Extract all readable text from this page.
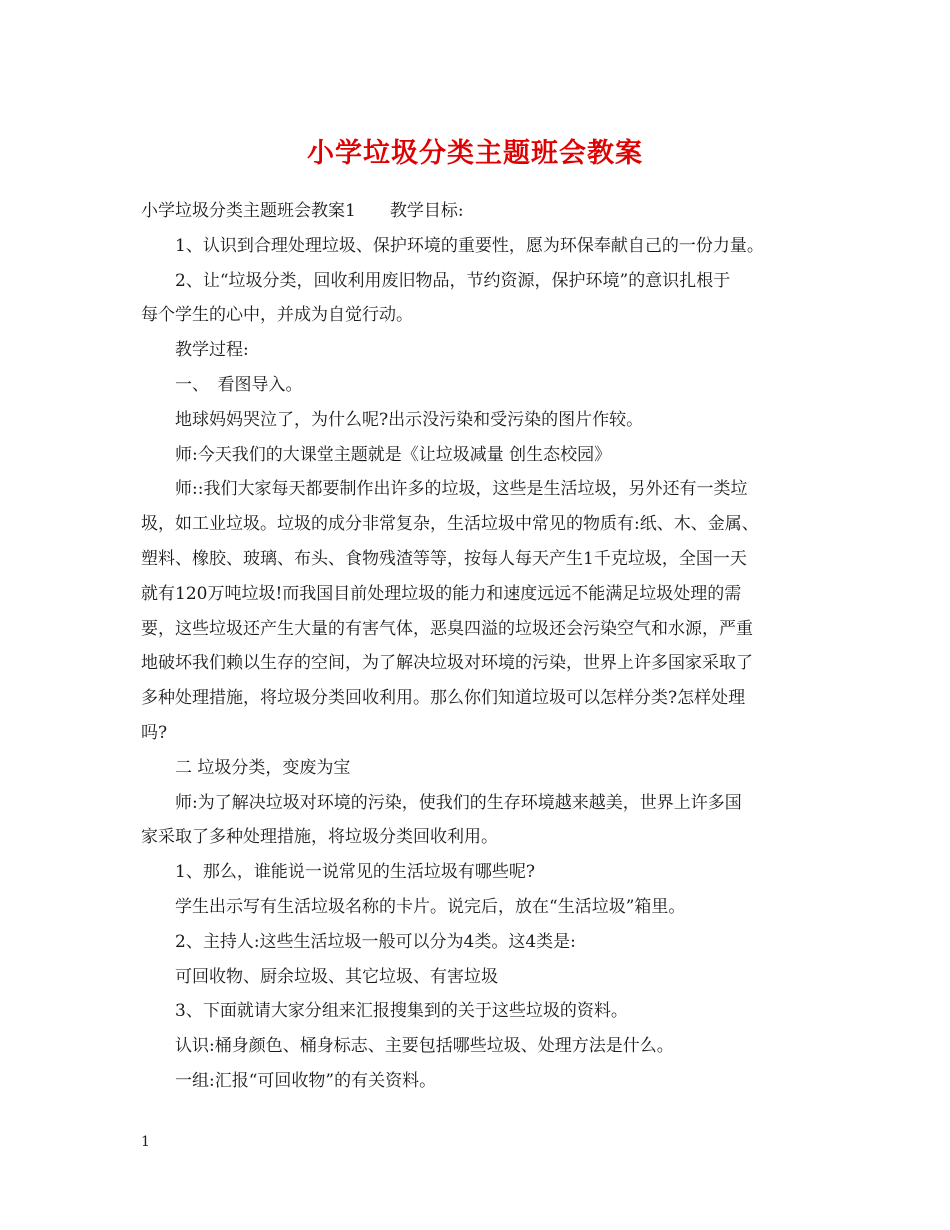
小学垃圾分类主题班会教案
小学垃圾分类主题班会教案1　　教学目标:
1、认识到合理处理垃圾、保护环境的重要性，愿为环保奉献自己的一份力量。
2、让“垃圾分类，回收利用废旧物品，节约资源，保护环境”的意识扎根于
每个学生的心中，并成为自觉行动。
教学过程:
一、　看图导入。
地球妈妈哭泣了，为什么呢?出示没污染和受污染的图片作较。
师:今天我们的大课堂主题就是《让垃圾减量 创生态校园》
师::我们大家每天都要制作出许多的垃圾，这些是生活垃圾，另外还有一类垃
圾，如工业垃圾。垃圾的成分非常复杂，生活垃圾中常见的物质有:纸、木、金属、
塑料、橡胶、玻璃、布头、食物残渣等等，按每人每天产生1千克垃圾，全国一天
就有120万吨垃圾!而我国目前处理垃圾的能力和速度远远不能满足垃圾处理的需
要，这些垃圾还产生大量的有害气体，恶臭四溢的垃圾还会污染空气和水源，严重
地破坏我们赖以生存的空间，为了解决垃圾对环境的污染，世界上许多国家采取了
多种处理措施，将垃圾分类回收利用。那么你们知道垃圾可以怎样分类?怎样处理
吗?
二 垃圾分类，变废为宝
师:为了解决垃圾对环境的污染，使我们的生存环境越来越美，世界上许多国
家采取了多种处理措施，将垃圾分类回收利用。
1、那么，谁能说一说常见的生活垃圾有哪些呢?
学生出示写有生活垃圾名称的卡片。说完后，放在“生活垃圾”箱里。
2、主持人:这些生活垃圾一般可以分为4类。这4类是:
可回收物、厨余垃圾、其它垃圾、有害垃圾
3、下面就请大家分组来汇报搜集到的关于这些垃圾的资料。
认识:桶身颜色、桶身标志、主要包括哪些垃圾、处理方法是什么。
一组:汇报“可回收物”的有关资料。
1
